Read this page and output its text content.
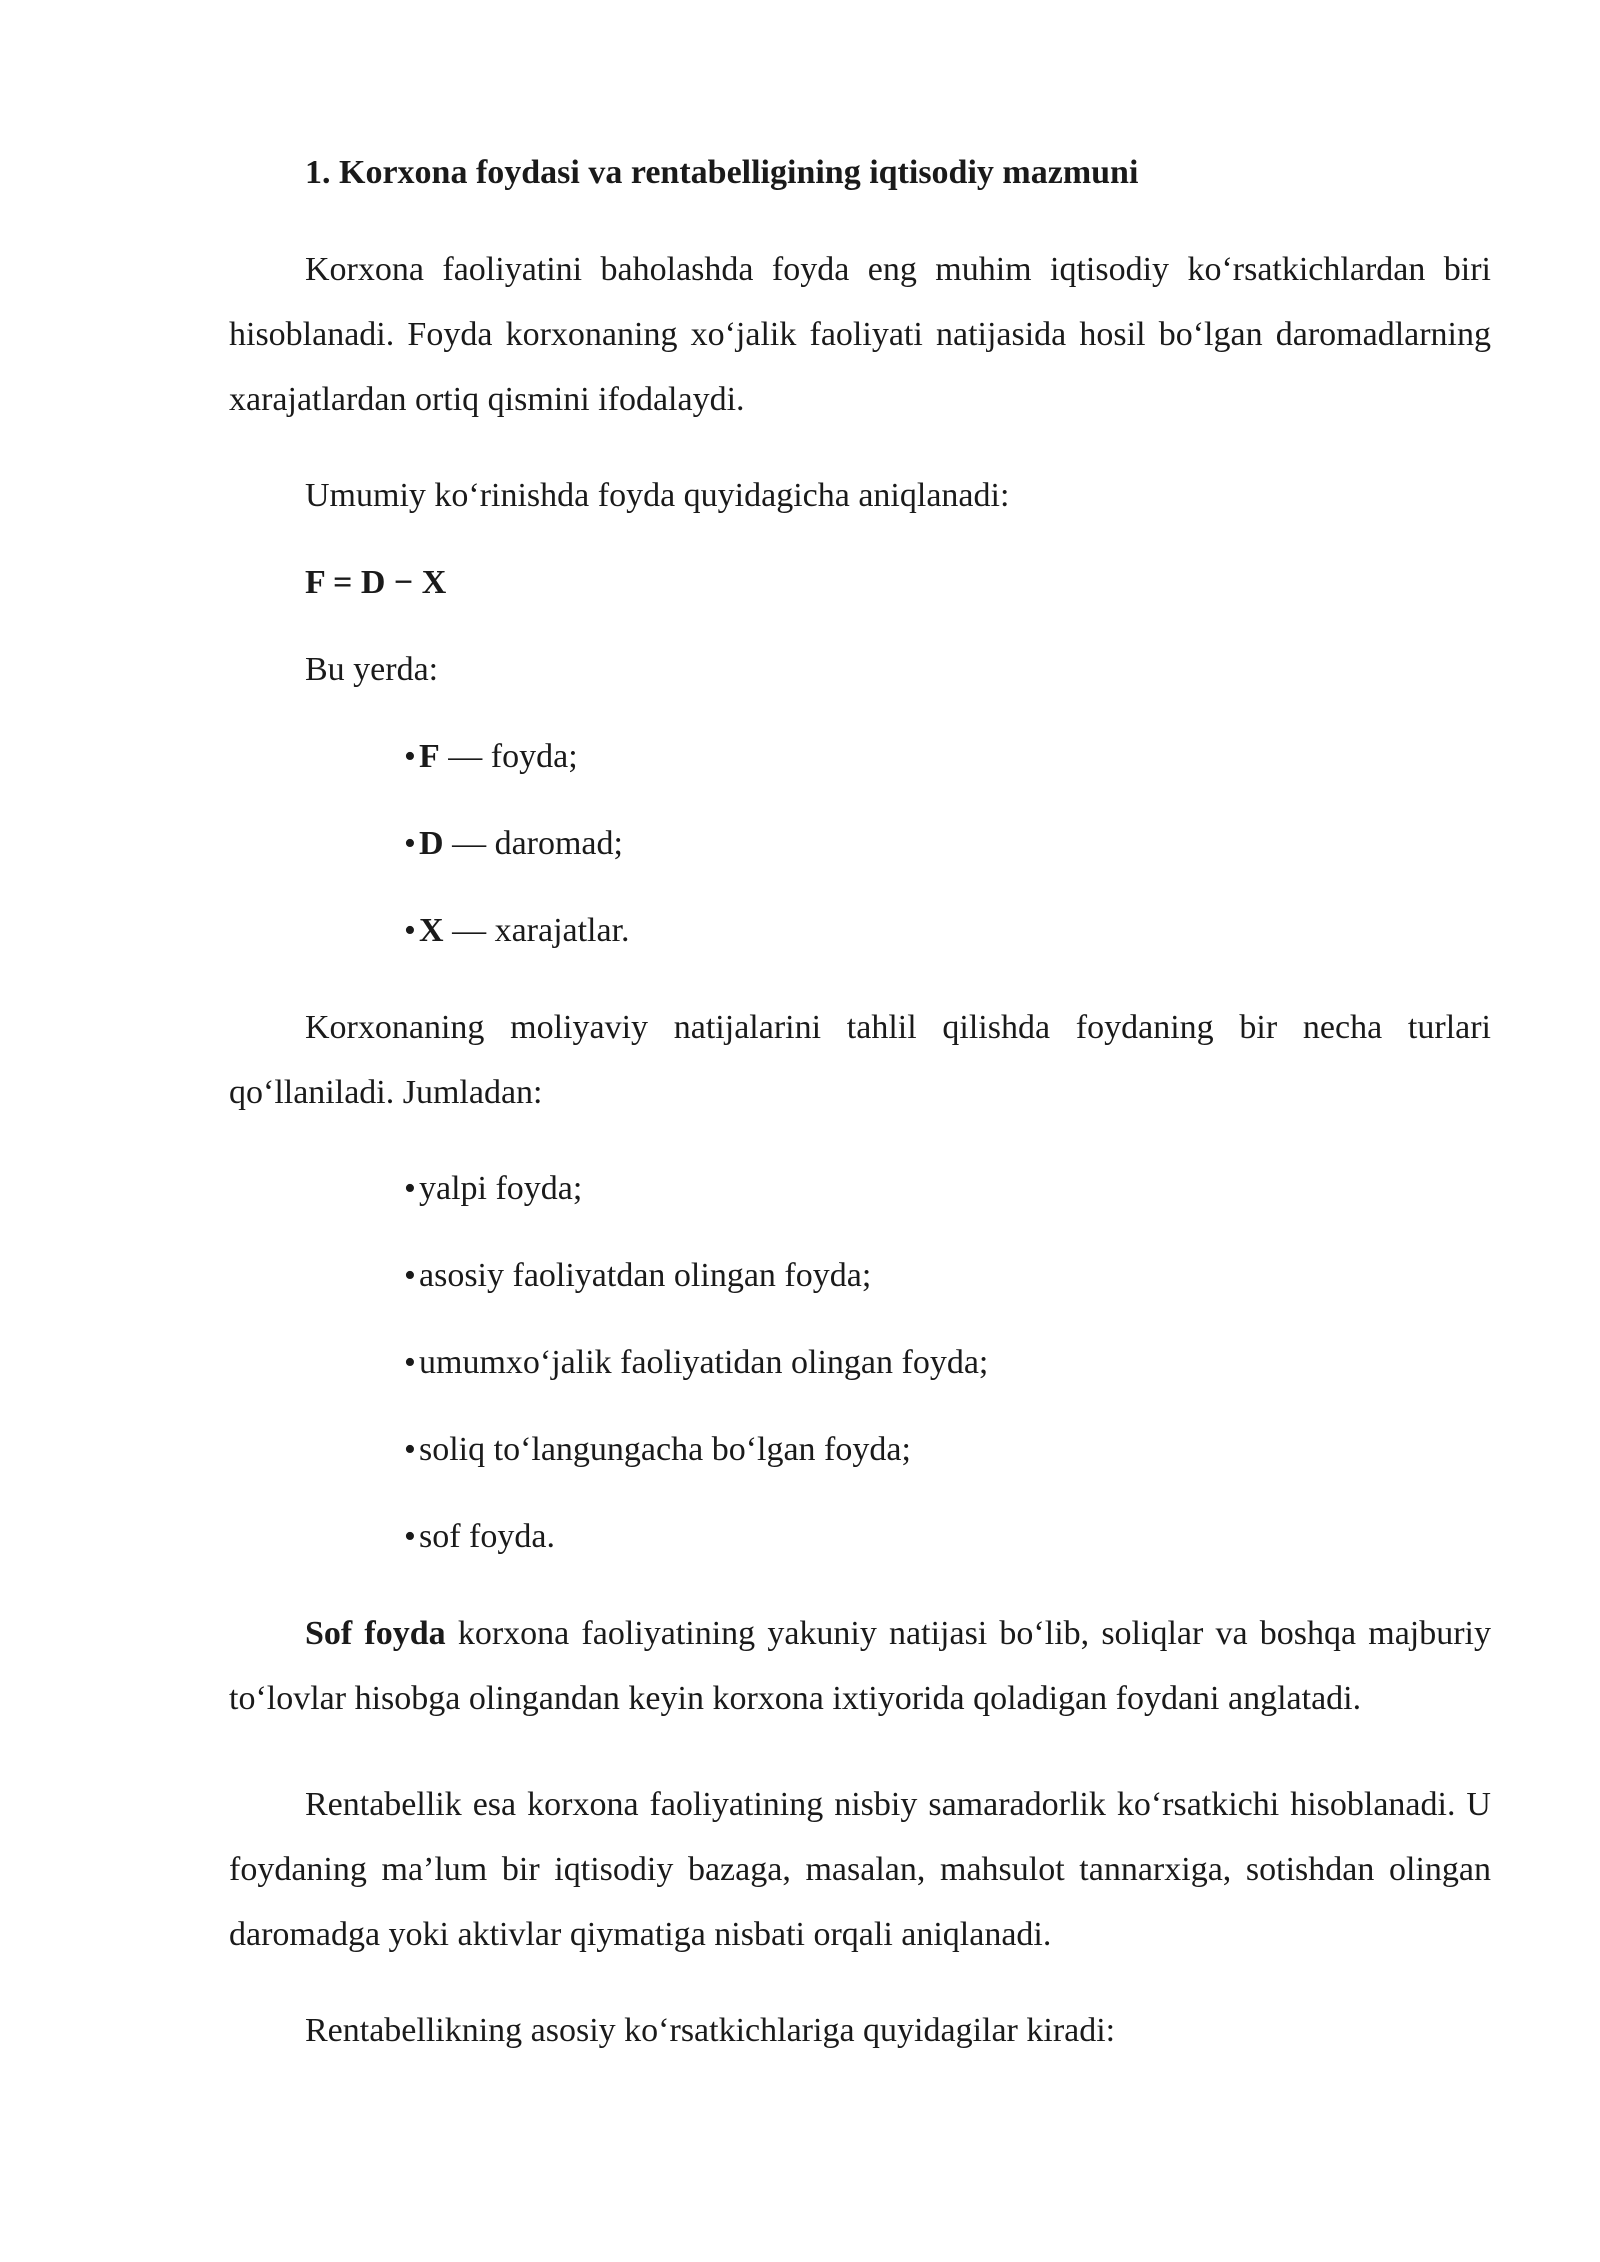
1. Korxona foydasi va rentabelligining iqtisodiy mazmuni

Korxona faoliyatini baholashda foyda eng muhim iqtisodiy ko‘rsatkichlardan biri hisoblanadi. Foyda korxonaning xo‘jalik faoliyati natijasida hosil bo‘lgan daromadlarning xarajatlardan ortiq qismini ifodalaydi.

Umumiy ko‘rinishda foyda quyidagicha aniqlanadi:

F = D − X

Bu yerda:

• F — foyda;
• D — daromad;
• X — xarajatlar.

Korxonaning moliyaviy natijalarini tahlil qilishda foydaning bir necha turlari qo‘llaniladi. Jumladan:

• yalpi foyda;
• asosiy faoliyatdan olingan foyda;
• umumxo‘jalik faoliyatidan olingan foyda;
• soliq to‘langungacha bo‘lgan foyda;
• sof foyda.

Sof foyda korxona faoliyatining yakuniy natijasi bo‘lib, soliqlar va boshqa majburiy to‘lovlar hisobga olingandan keyin korxona ixtiyorida qoladigan foydani anglatadi.

Rentabellik esa korxona faoliyatining nisbiy samaradorlik ko‘rsatkichi hisoblanadi. U foydaning ma’lum bir iqtisodiy bazaga, masalan, mahsulot tannarxiga, sotishdan olingan daromadga yoki aktivlar qiymatiga nisbati orqali aniqlanadi.

Rentabellikning asosiy ko‘rsatkichlariga quyidagilar kiradi:
